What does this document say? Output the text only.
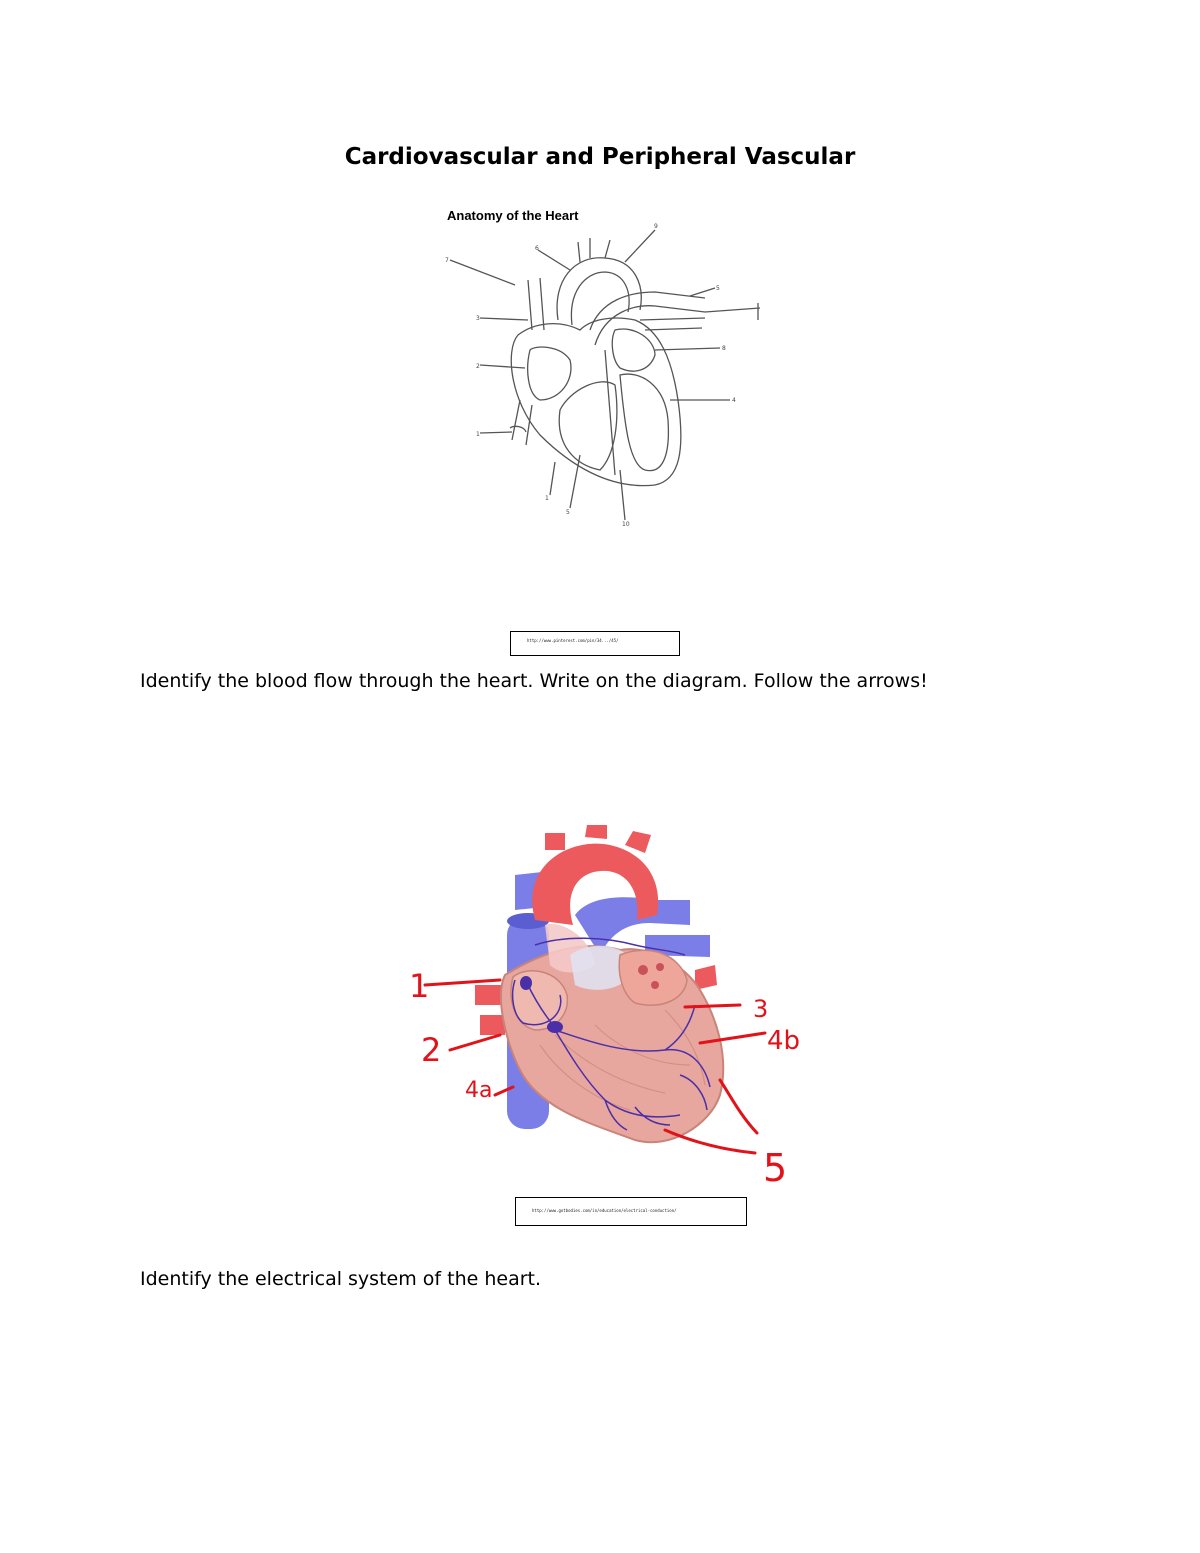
Cardiovascular and Peripheral Vascular
Anatomy of the Heart
7
3
2
1
6
9
5
8
4
1
5
10
http://www.pinterest.com/pin/34.../45/
Identify the blood flow through the heart. Write on the diagram. Follow the arrows!
1
2
3
4b
4a
5
http://www.gotbodies.com/in/education/electrical-conduction/
Identify the electrical system of the heart.
